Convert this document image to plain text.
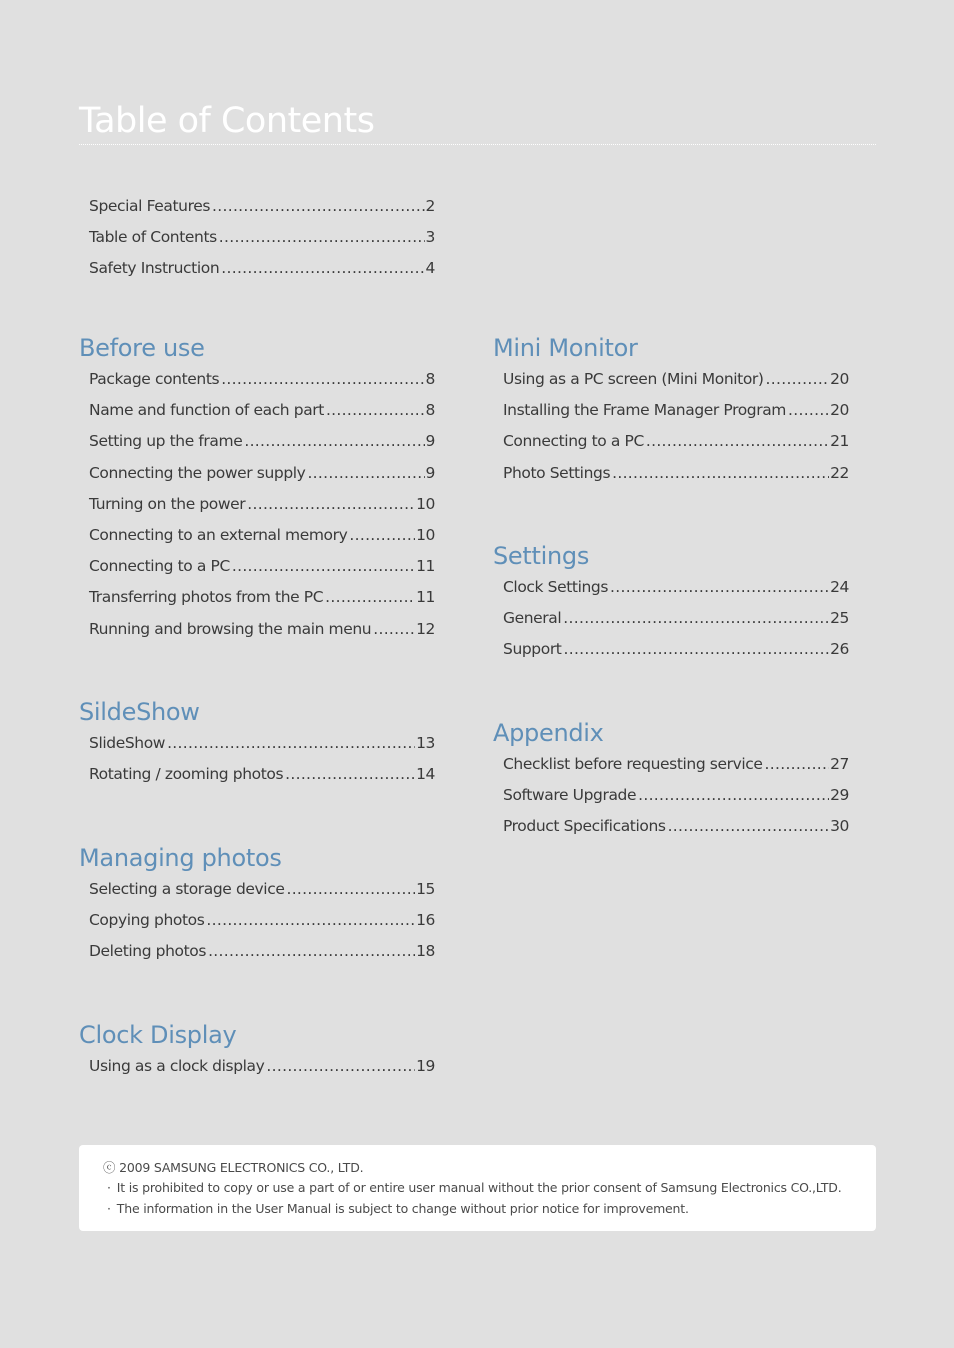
Table of Contents
Special Features .....	2
Table of Contents .....	3
Safety Instruction .....	4
Before use
Package contents .....	8
Name and function of each part .....	8
Setting up the frame .....	9
Connecting the power supply .....	9
Turning on the power .....	10
Connecting to an external memory .....	10
Connecting to a PC .....	11
Transferring photos from the PC .....	11
Running and browsing the main menu .....	12
SildeShow
SlideShow .....	13
Rotating / zooming photos .....	14
Managing photos
Selecting a storage device .....	15
Copying photos .....	16
Deleting photos .....	18
Clock Display
Using as a clock display .....	19
Mini Monitor
Using as a PC screen (Mini Monitor) .....	20
Installing the Frame Manager Program .....	20
Connecting to a PC .....	21
Photo Settings .....	22
Settings
Clock Settings .....	24
General .....	25
Support .....	26
Appendix
Checklist before requesting service .....	27
Software Upgrade .....	29
Product Specifications .....	30
ⓒ 2009 SAMSUNG ELECTRONICS CO., LTD.
· It is prohibited to copy or use a part of or entire user manual without the prior consent of Samsung Electronics CO.,LTD.
· The information in the User Manual is subject to change without prior notice for improvement.
